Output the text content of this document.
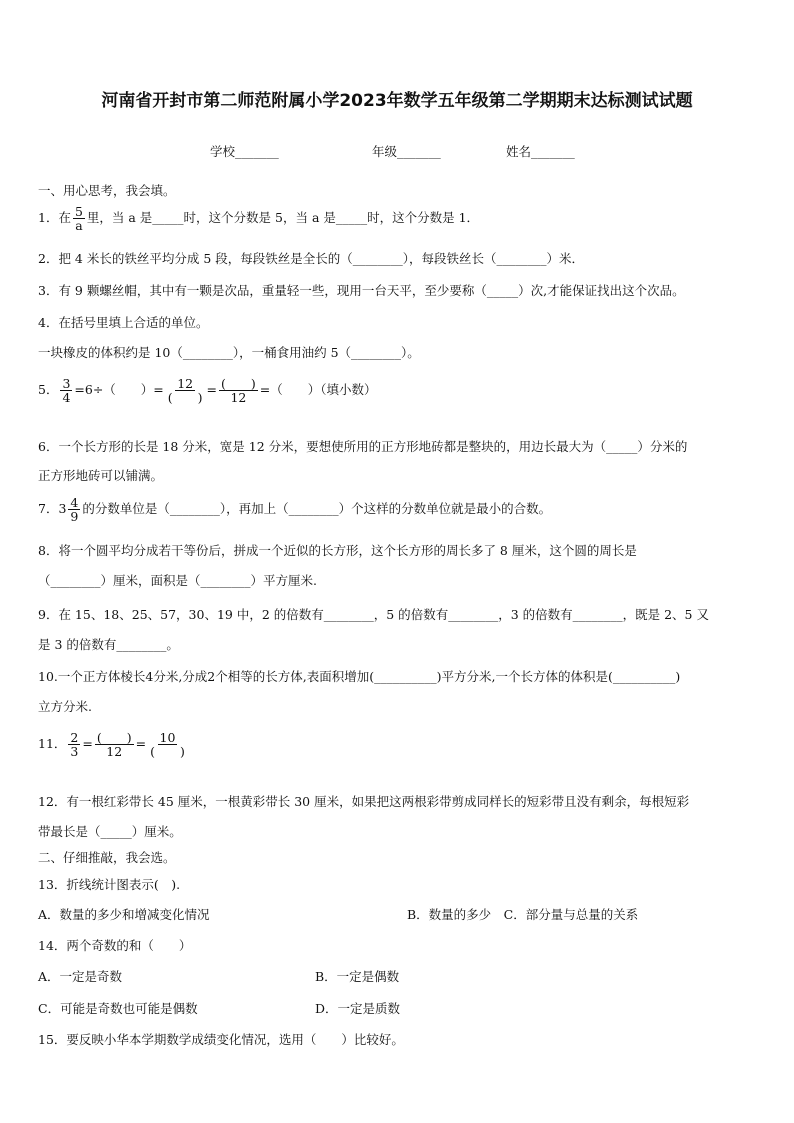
河南省开封市第二师范附属小学2023年数学五年级第二学期期末达标测试试题
学校_______	年级_______	姓名_______
一、用心思考，我会填。
1．在 $\frac{5}{a}$ 里，当 a 是_____时，这个分数是 5，当 a 是_____时，这个分数是 1．
2．把 4 米长的铁丝平均分成 5 段，每段铁丝是全长的（________），每段铁丝长（________）米．
3．有 9 颗螺丝帽，其中有一颗是次品，重量轻一些，现用一台天平，至少要称（_____）次,才能保证找出这个次品。
4．在括号里填上合适的单位。
一块橡皮的体积约是 10（________），一桶食用油约 5（________）。
5． $\frac{3}{4} =6\div$（　　）= $\frac{12}{( )} = \frac{( )}{12}$ =（　　）（填小数）
6．一个长方形的长是 18 分米，宽是 12 分米，要想使所用的正方形地砖都是整块的，用边长最大为（_____）分米的
正方形地砖可以铺满。
7．$3 \frac{4}{9}$ 的分数单位是（________），再加上（________）个这样的分数单位就是最小的合数。
8．将一个圆平均分成若干等份后，拼成一个近似的长方形，这个长方形的周长多了 8 厘米，这个圆的周长是
（________）厘米，面积是（________）平方厘米.
9．在 15、18、25、57，30、19 中，2 的倍数有________，5 的倍数有________，3 的倍数有________，既是 2、5 又
是 3 的倍数有________。
10.一个正方体棱长4分米,分成2个相等的长方体,表面积增加(__________)平方分米,一个长方体的体积是(__________)
立方分米.
11． $\frac{2}{3} = \frac{( )}{12} = \frac{10}{( )}$
12．有一根红彩带长 45 厘米，一根黄彩带长 30 厘米，如果把这两根彩带剪成同样长的短彩带且没有剩余，每根短彩
带最长是（_____）厘米。
二、仔细推敲，我会选。
13．折线统计图表示(　).
A．数量的多少和增减变化情况	B．数量的多少　C．部分量与总量的关系
14．两个奇数的和（　　）
A．一定是奇数	B．一定是偶数
C．可能是奇数也可能是偶数	D．一定是质数
15．要反映小华本学期数学成绩变化情况，选用（　　）比较好。
